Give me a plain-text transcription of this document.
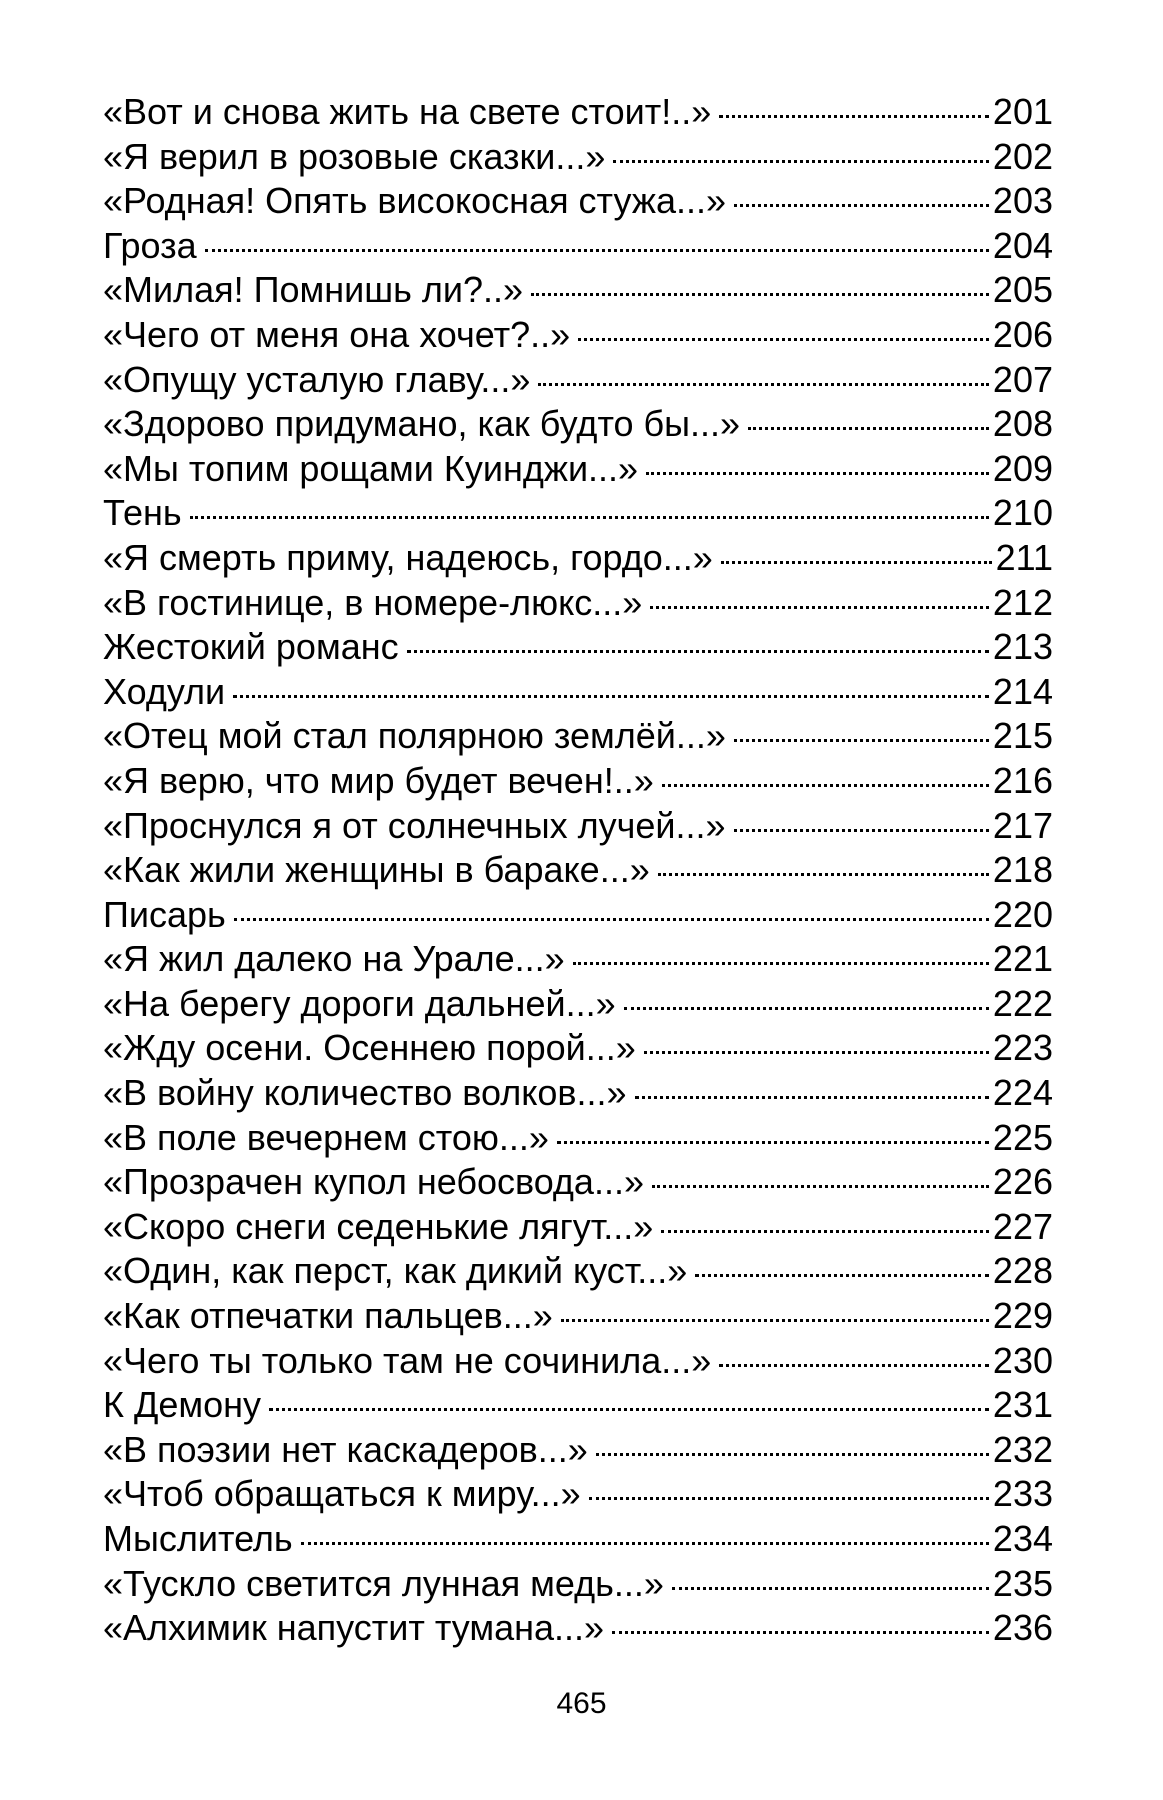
«Вот и снова жить на свете стоит!..»	201
«Я верил в розовые сказки...»	202
«Родная! Опять високосная стужа...»	203
Гроза	204
«Милая! Помнишь ли?..»	205
«Чего от меня она хочет?..»	206
«Опущу усталую главу...»	207
«Здорово придумано, как будто бы...»	208
«Мы топим рощами Куинджи...»	209
Тень	210
«Я смерть приму, надеюсь, гордо...»	211
«В гостинице, в номере-люкс...»	212
Жестокий романс	213
Ходули	214
«Отец мой стал полярною землёй...»	215
«Я верю, что мир будет вечен!..»	216
«Проснулся я от солнечных лучей...»	217
«Как жили женщины в бараке...»	218
Писарь	220
«Я жил далеко на Урале...»	221
«На берегу дороги дальней...»	222
«Жду осени. Осеннею порой...»	223
«В войну количество волков...»	224
«В поле вечернем стою...»	225
«Прозрачен купол небосвода...»	226
«Скоро снеги седенькие лягут...»	227
«Один, как перст, как дикий куст...»	228
«Как отпечатки пальцев...»	229
«Чего ты только там не сочинила...»	230
К Демону	231
«В поэзии нет каскадеров...»	232
«Чтоб обращаться к миру...»	233
Мыслитель	234
«Тускло светится лунная медь...»	235
«Алхимик напустит тумана...»	236
465
